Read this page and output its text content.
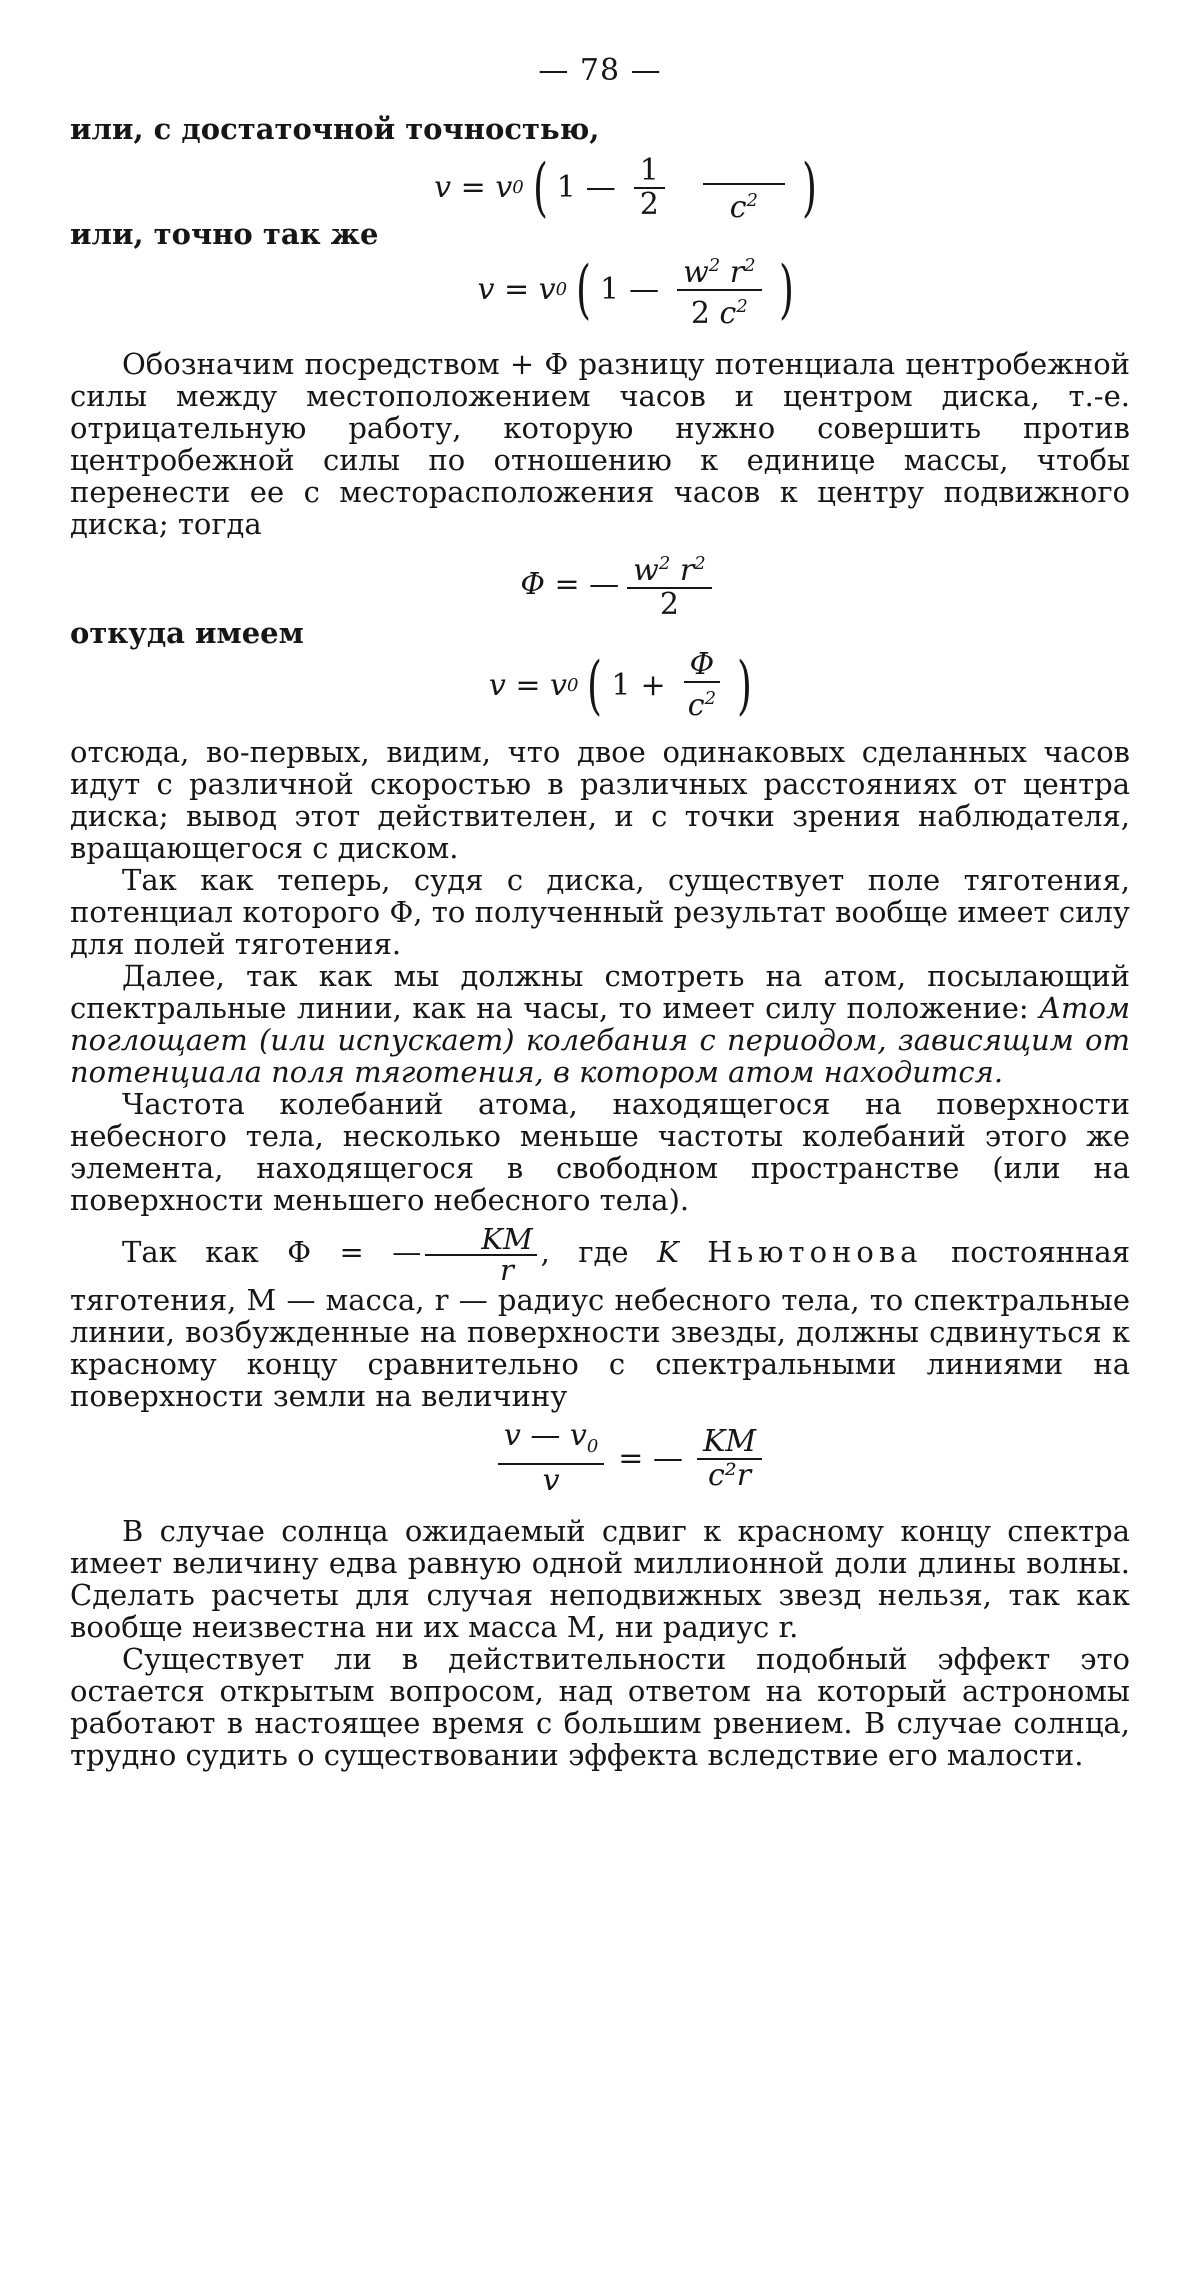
— 78 —
или, с достаточной точностью,
v = v 0 ( 1 — $\frac{1}{2} c^2$ )
или, точно так же
v = v 0 ( 1 — $\frac{w^2 r^2}{2 c^2}$ )

Обозначим посредством + Φ разницу потенциала центробежной силы между местоположением часов и центром диска, т.-е. отрицательную работу, которую нужно совершить против центробежной силы по отношению к единице массы, чтобы перенести ее с месторасположения часов к центру подвижного диска; тогда

Φ = — $\frac{w^2 r^2}{2}$
откуда имеем
v = v 0 ( $1 + \frac{\Phi}{c^2}$ )

отсюда, во-первых, видим, что двое одинаковых сделанных часов идут с различной скоростью в различных расстояниях от центра диска; вывод этот действителен, и с точки зрения наблюдателя, вращающегося с диском.

Так как теперь, судя с диска, существует поле тяготения, потенциал которого Φ, то полученный результат вообще имеет силу для полей тяготения.

Далее, так как мы должны смотреть на атом, посылающий спектральные линии, как на часы, то имеет силу положение: Атом поглощает (или испускает) колебания с периодом, зависящим от потенциала поля тяготения, в котором атом находится.

Частота колебаний атома, находящегося на поверхности небесного тела, несколько меньше частоты колебаний этого же элемента, находящегося в свободном пространстве (или на поверхности меньшего небесного тела).

Так как Φ = — $\frac{KM}{r}$ , где K Ньютонова постоянная тяготения, M — масса, r — радиус небесного тела, то спектральные линии, возбужденные на поверхности звезды, должны сдвинуться к красному концу сравнительно с спектральными линиями на поверхности земли на величину

$\frac{v — v_0}{v}$ = — $\frac{KM}{\text{c²r}}$

В случае солнца ожидаемый сдвиг к красному концу спектра имеет величину едва равную одной миллионной доли длины волны. Сделать расчеты для случая неподвижных звезд нельзя, так как вообще неизвестна ни их масса M, ни радиус r.

Существует ли в действительности подобный эффект это остается открытым вопросом, над ответом на который астрономы работают в настоящее время с большим рвением. В случае солнца, трудно судить о существовании эффекта вследствие его малости.
